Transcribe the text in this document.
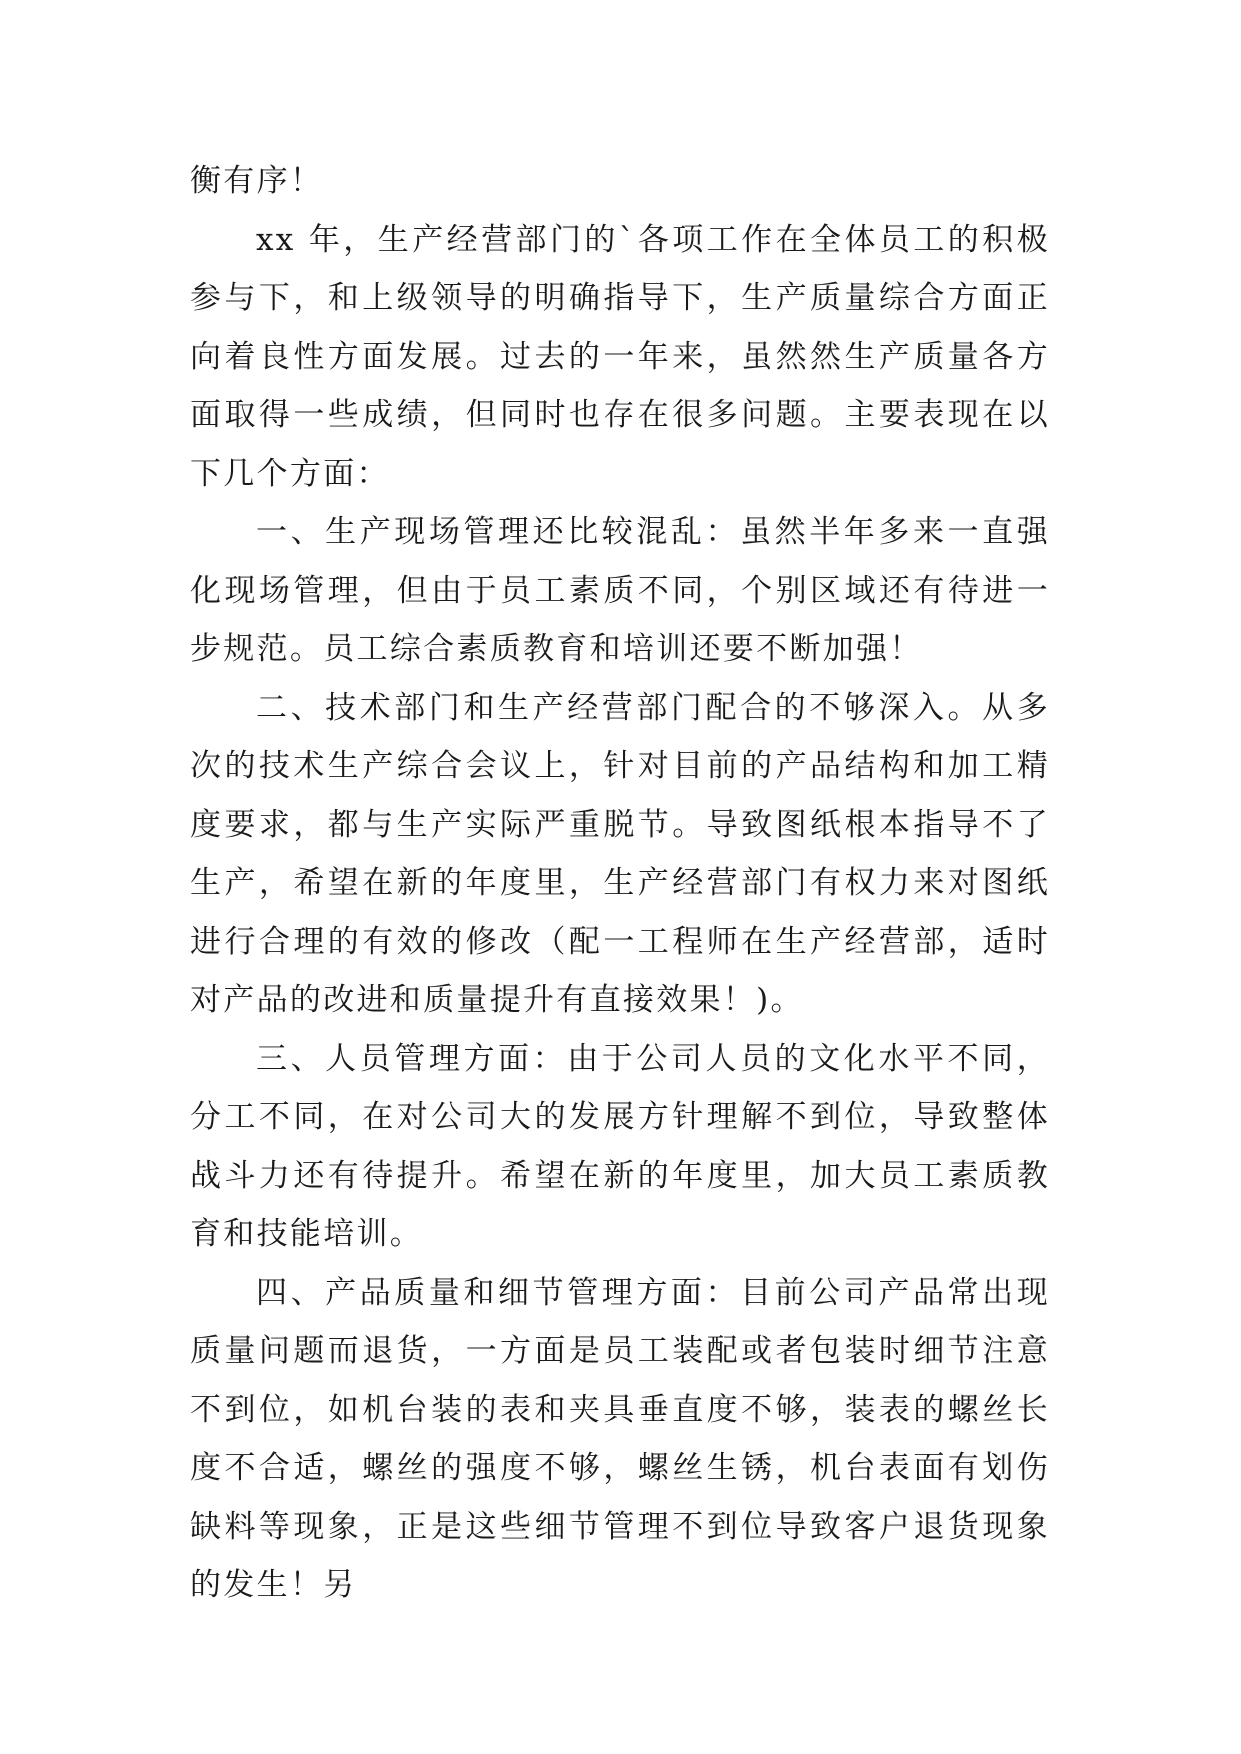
衡有序！

xx 年，生产经营部门的`各项工作在全体员工的积极参与下，和上级领导的明确指导下，生产质量综合方面正向着良性方面发展。过去的一年来，虽然然生产质量各方面取得一些成绩，但同时也存在很多问题。主要表现在以下几个方面：

一、生产现场管理还比较混乱：虽然半年多来一直强化现场管理，但由于员工素质不同，个别区域还有待进一步规范。员工综合素质教育和培训还要不断加强！

二、技术部门和生产经营部门配合的不够深入。从多次的技术生产综合会议上，针对目前的产品结构和加工精度要求，都与生产实际严重脱节。导致图纸根本指导不了生产，希望在新的年度里，生产经营部门有权力来对图纸进行合理的有效的修改（配一工程师在生产经营部，适时对产品的改进和质量提升有直接效果！)。

三、人员管理方面：由于公司人员的文化水平不同，分工不同，在对公司大的发展方针理解不到位，导致整体战斗力还有待提升。希望在新的年度里，加大员工素质教育和技能培训。

四、产品质量和细节管理方面：目前公司产品常出现质量问题而退货，一方面是员工装配或者包装时细节注意不到位，如机台装的表和夹具垂直度不够，装表的螺丝长度不合适，螺丝的强度不够，螺丝生锈，机台表面有划伤缺料等现象，正是这些细节管理不到位导致客户退货现象的发生！另
